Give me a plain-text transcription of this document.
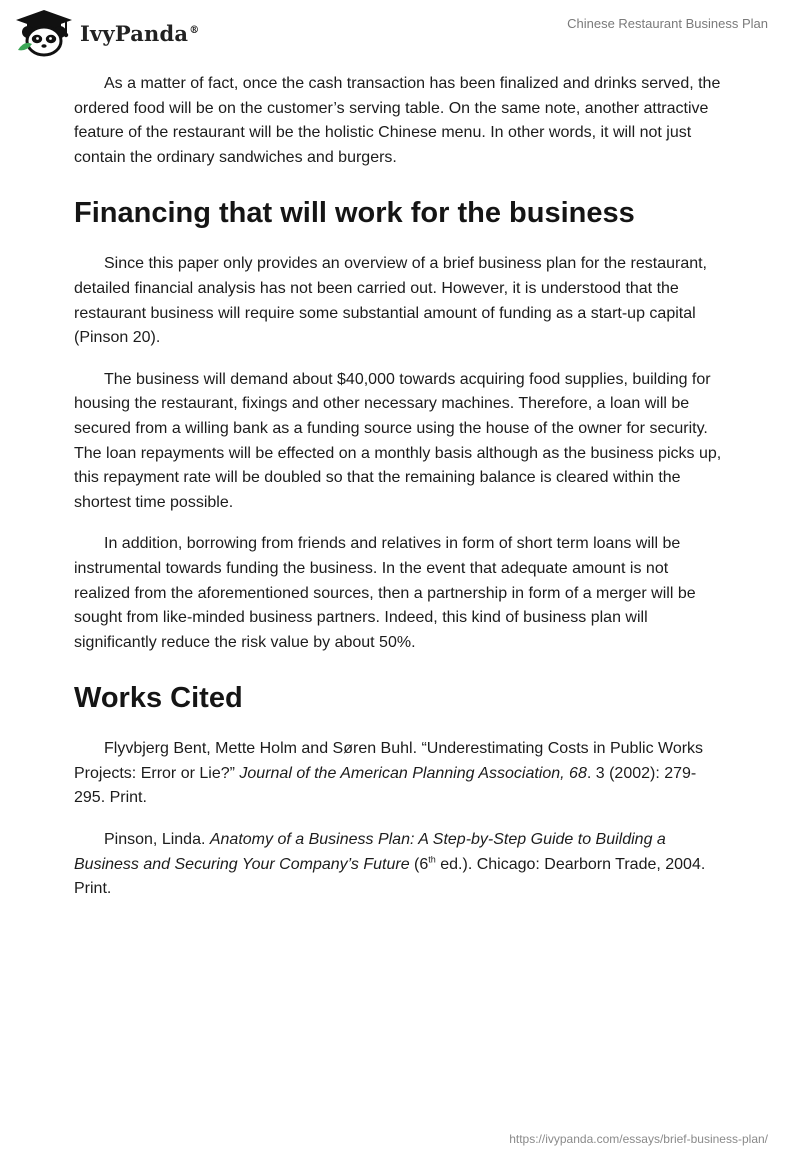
IvyPanda®	Chinese Restaurant Business Plan

As a matter of fact, once the cash transaction has been finalized and drinks served, the ordered food will be on the customer’s serving table. On the same note, another attractive feature of the restaurant will be the holistic Chinese menu. In other words, it will not just contain the ordinary sandwiches and burgers.

Financing that will work for the business

Since this paper only provides an overview of a brief business plan for the restaurant, detailed financial analysis has not been carried out. However, it is understood that the restaurant business will require some substantial amount of funding as a start-up capital (Pinson 20).

The business will demand about $40,000 towards acquiring food supplies, building for housing the restaurant, fixings and other necessary machines. Therefore, a loan will be secured from a willing bank as a funding source using the house of the owner for security. The loan repayments will be effected on a monthly basis although as the business picks up, this repayment rate will be doubled so that the remaining balance is cleared within the shortest time possible.

In addition, borrowing from friends and relatives in form of short term loans will be instrumental towards funding the business. In the event that adequate amount is not realized from the aforementioned sources, then a partnership in form of a merger will be sought from like-minded business partners. Indeed, this kind of business plan will significantly reduce the risk value by about 50%.

Works Cited

Flyvbjerg Bent, Mette Holm and Søren Buhl. “Underestimating Costs in Public Works Projects: Error or Lie?” Journal of the American Planning Association, 68. 3 (2002): 279-295. Print.

Pinson, Linda. Anatomy of a Business Plan: A Step-by-Step Guide to Building a Business and Securing Your Company’s Future (6th ed.). Chicago: Dearborn Trade, 2004. Print.

https://ivypanda.com/essays/brief-business-plan/
